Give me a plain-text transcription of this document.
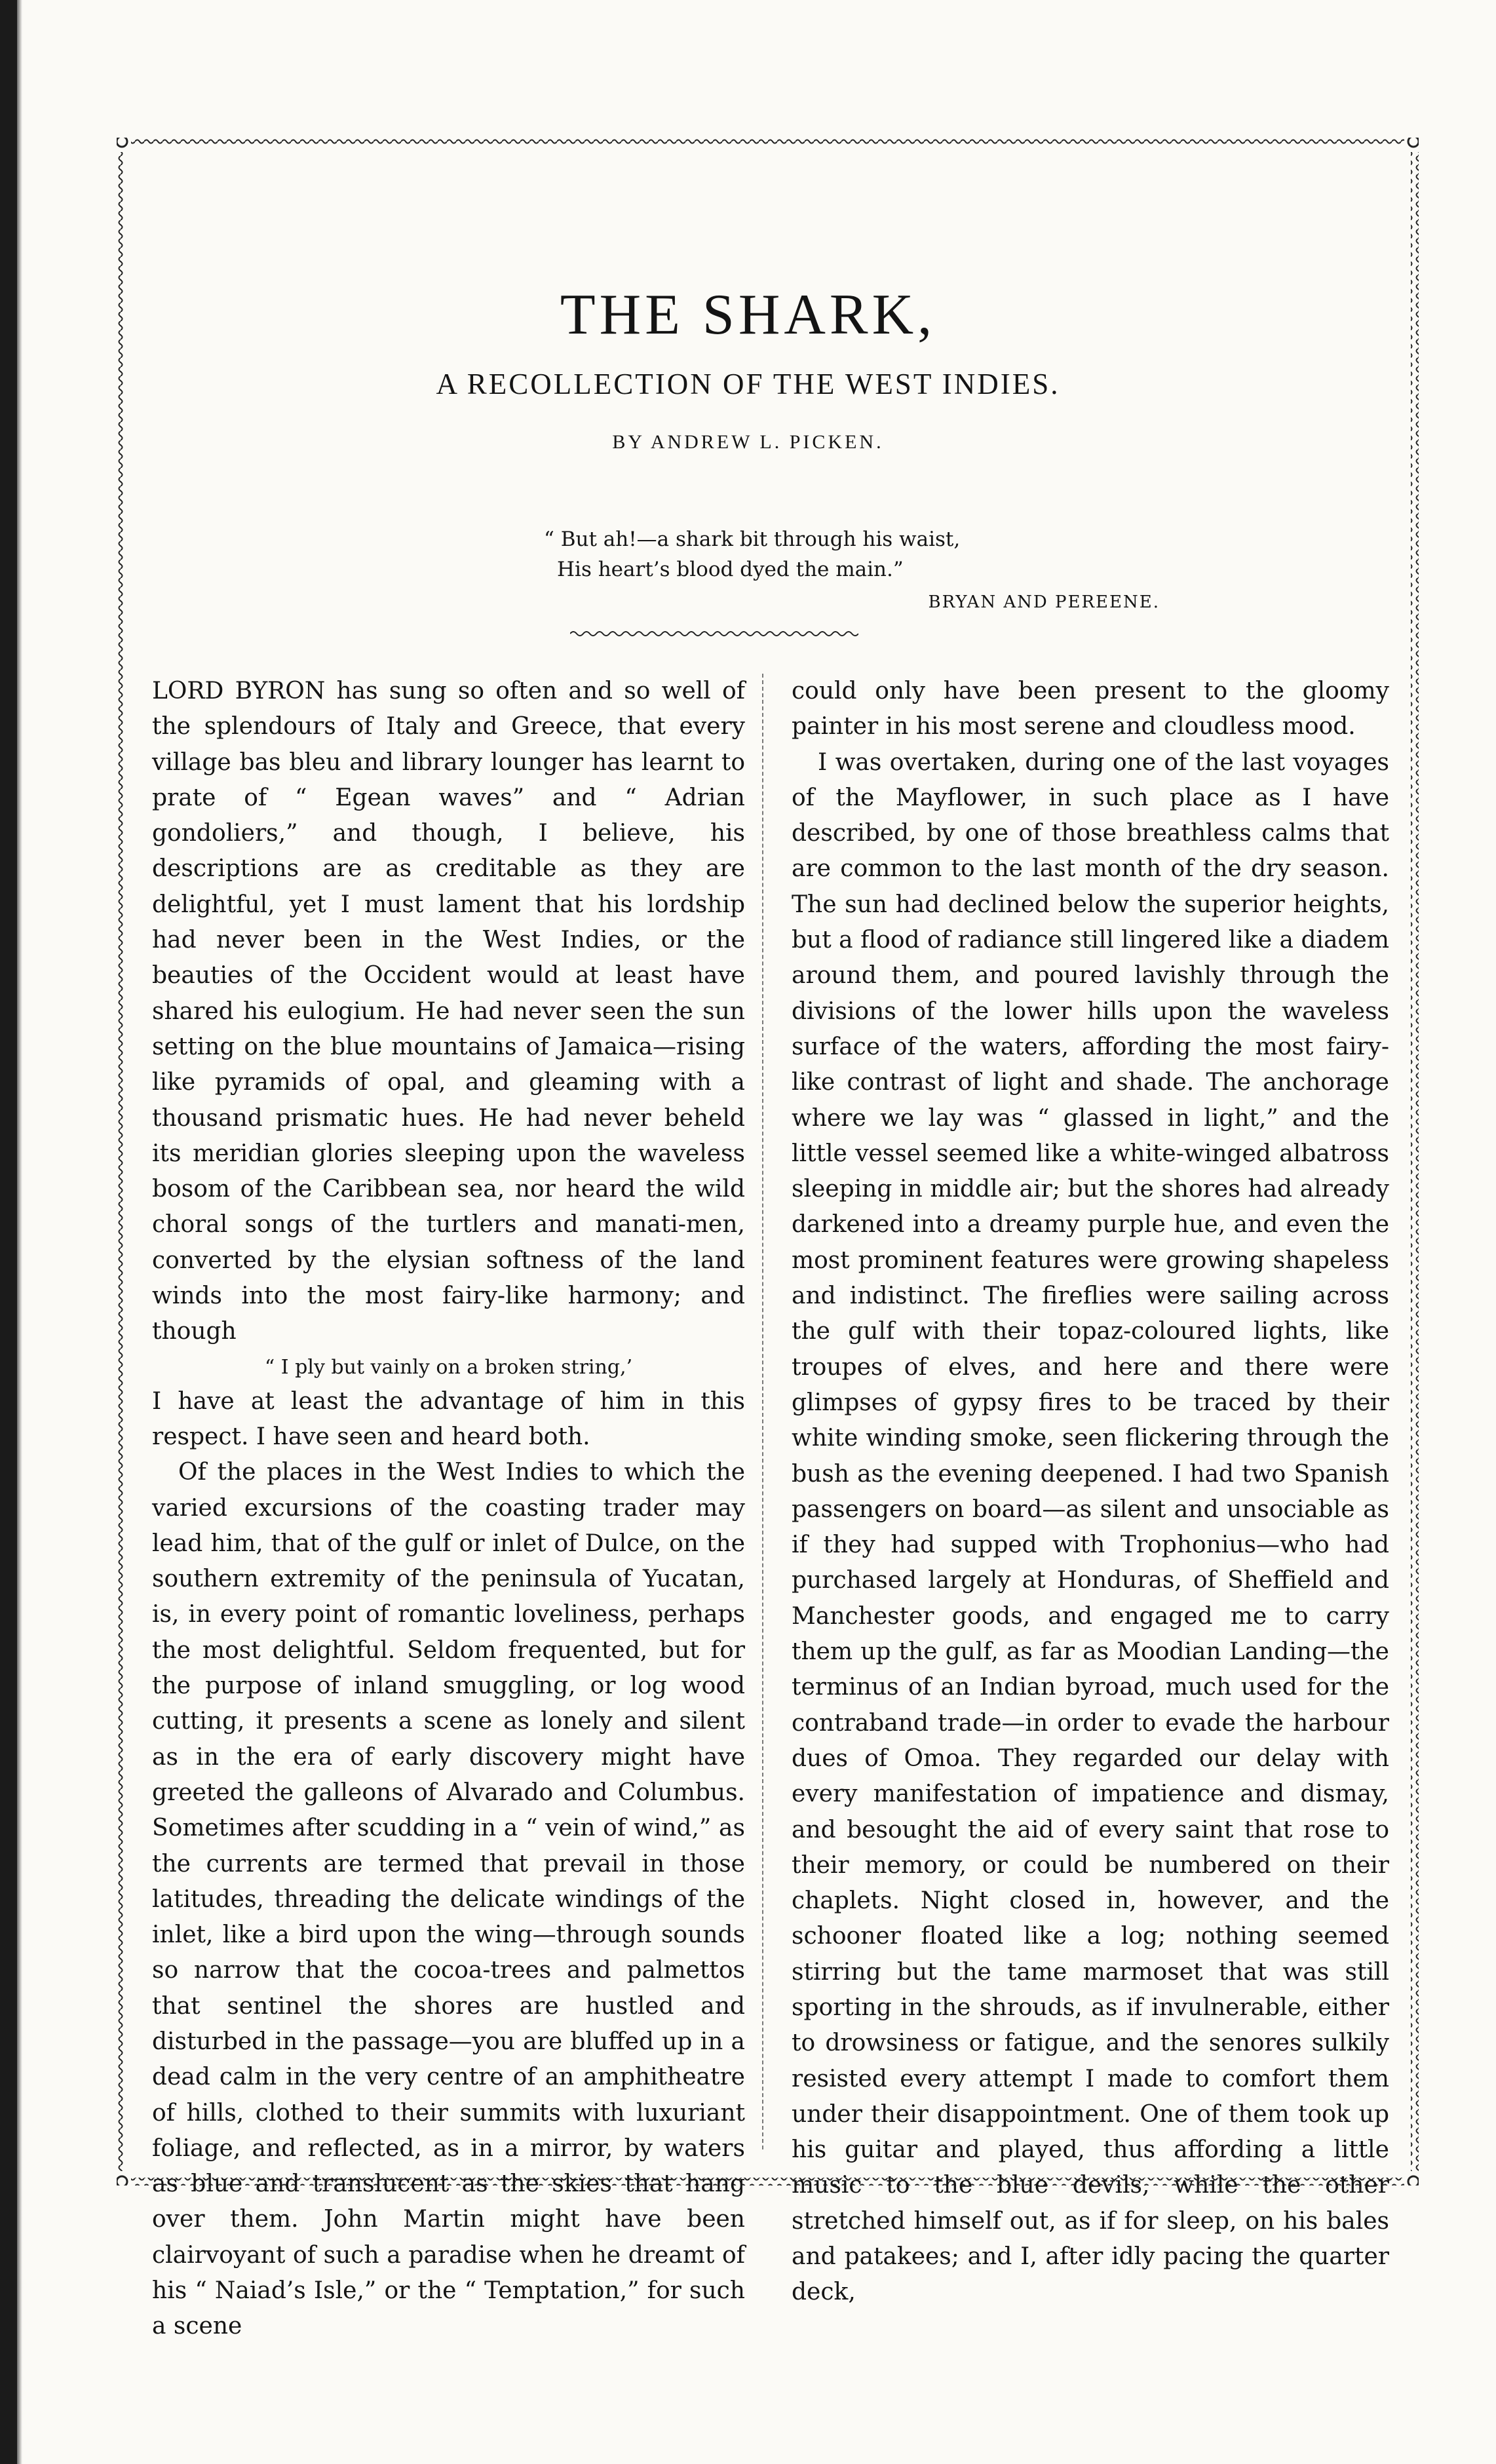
THE SHARK,
A RECOLLECTION OF THE WEST INDIES.
BY ANDREW L. PICKEN.
“ But ah!—a shark bit through his waist,
His heart’s blood dyed the main.”
BRYAN AND PEREENE.

LORD BYRON has sung so often and so well of the splendours of Italy and Greece, that every village bas bleu and library lounger has learnt to prate of “ Egean waves” and “ Adrian gondoliers,” and though, I believe, his descriptions are as creditable as they are delightful, yet I must lament that his lordship had never been in the West Indies, or the beauties of the Occident would at least have shared his eulogium. He had never seen the sun setting on the blue mountains of Jamaica—rising like pyramids of opal, and gleaming with a thousand prismatic hues. He had never beheld its meridian glories sleeping upon the waveless bosom of the Caribbean sea, nor heard the wild choral songs of the turtlers and manati-men, converted by the elysian softness of the land winds into the most fairy-like harmony; and though

“ I ply but vainly on a broken string,’

I have at least the advantage of him in this respect. I have seen and heard both.

Of the places in the West Indies to which the varied excursions of the coasting trader may lead him, that of the gulf or inlet of Dulce, on the southern extremity of the peninsula of Yucatan, is, in every point of romantic loveliness, perhaps the most delightful. Seldom frequented, but for the purpose of inland smuggling, or log wood cutting, it presents a scene as lonely and silent as in the era of early discovery might have greeted the galleons of Alvarado and Columbus. Sometimes after scudding in a “ vein of wind,” as the currents are termed that prevail in those latitudes, threading the delicate windings of the inlet, like a bird upon the wing—through sounds so narrow that the cocoa-trees and palmettos that sentinel the shores are hustled and disturbed in the passage—you are bluffed up in a dead calm in the very centre of an amphitheatre of hills, clothed to their summits with luxuriant foliage, and reflected, as in a mirror, by waters as blue and translucent as the skies that hang over them. John Martin might have been clairvoyant of such a paradise when he dreamt of his “ Naiad’s Isle,” or the “ Temptation,” for such a scene

could only have been present to the gloomy painter in his most serene and cloudless mood.

I was overtaken, during one of the last voyages of the Mayflower, in such place as I have described, by one of those breathless calms that are common to the last month of the dry season. The sun had declined below the superior heights, but a flood of radiance still lingered like a diadem around them, and poured lavishly through the divisions of the lower hills upon the waveless surface of the waters, affording the most fairy-like contrast of light and shade. The anchorage where we lay was “ glassed in light,” and the little vessel seemed like a white-winged albatross sleeping in middle air; but the shores had already darkened into a dreamy purple hue, and even the most prominent features were growing shapeless and indistinct. The fireflies were sailing across the gulf with their topaz-coloured lights, like troupes of elves, and here and there were glimpses of gypsy fires to be traced by their white winding smoke, seen flickering through the bush as the evening deepened. I had two Spanish passengers on board—as silent and unsociable as if they had supped with Trophonius—who had purchased largely at Honduras, of Sheffield and Manchester goods, and engaged me to carry them up the gulf, as far as Moodian Landing—the terminus of an Indian byroad, much used for the contraband trade—in order to evade the harbour dues of Omoa. They regarded our delay with every manifestation of impatience and dismay, and besought the aid of every saint that rose to their memory, or could be numbered on their chaplets. Night closed in, however, and the schooner floated like a log; nothing seemed stirring but the tame marmoset that was still sporting in the shrouds, as if invulnerable, either to drowsiness or fatigue, and the senores sulkily resisted every attempt I made to comfort them under their disappointment. One of them took up his guitar and played, thus affording a little music to the blue devils, while the other stretched himself out, as if for sleep, on his bales and patakees; and I, after idly pacing the quarter deck,
